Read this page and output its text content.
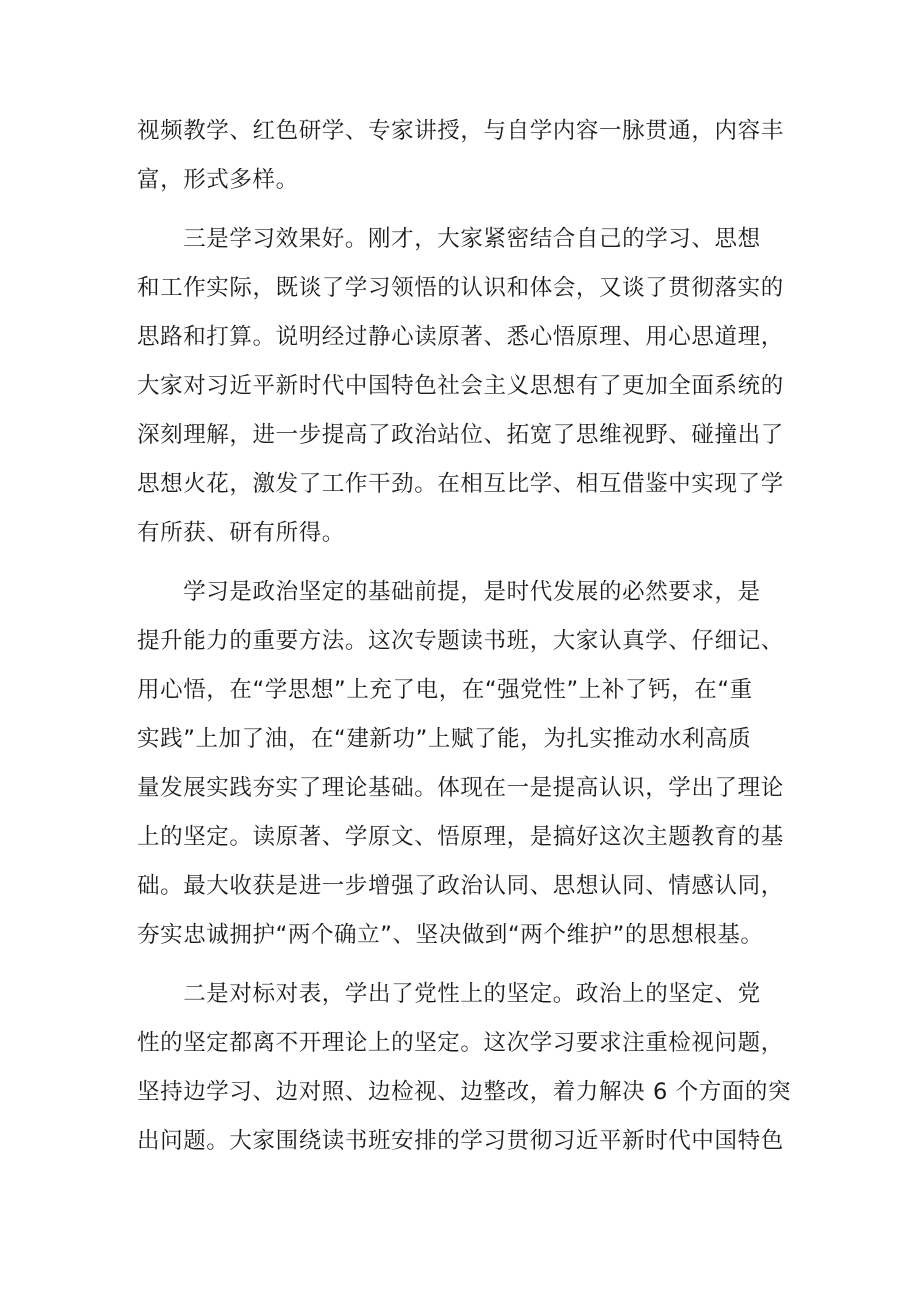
视频教学、红色研学、专家讲授，与自学内容一脉贯通，内容丰
富，形式多样。
　　三是学习效果好。刚才，大家紧密结合自己的学习、思想
和工作实际，既谈了学习领悟的认识和体会，又谈了贯彻落实的
思路和打算。说明经过静心读原著、悉心悟原理、用心思道理，
大家对习近平新时代中国特色社会主义思想有了更加全面系统的
深刻理解，进一步提高了政治站位、拓宽了思维视野、碰撞出了
思想火花，激发了工作干劲。在相互比学、相互借鉴中实现了学
有所获、研有所得。
　　学习是政治坚定的基础前提，是时代发展的必然要求，是
提升能力的重要方法。这次专题读书班，大家认真学、仔细记、
用心悟，在“学思想”上充了电，在“强党性”上补了钙，在“重
实践”上加了油，在“建新功”上赋了能，为扎实推动水利高质
量发展实践夯实了理论基础。体现在一是提高认识，学出了理论
上的坚定。读原著、学原文、悟原理，是搞好这次主题教育的基
础。最大收获是进一步增强了政治认同、思想认同、情感认同，
夯实忠诚拥护“两个确立”、坚决做到“两个维护”的思想根基。
　　二是对标对表，学出了党性上的坚定。政治上的坚定、党
性的坚定都离不开理论上的坚定。这次学习要求注重检视问题，
坚持边学习、边对照、边检视、边整改，着力解决 6 个方面的突
出问题。大家围绕读书班安排的学习贯彻习近平新时代中国特色
